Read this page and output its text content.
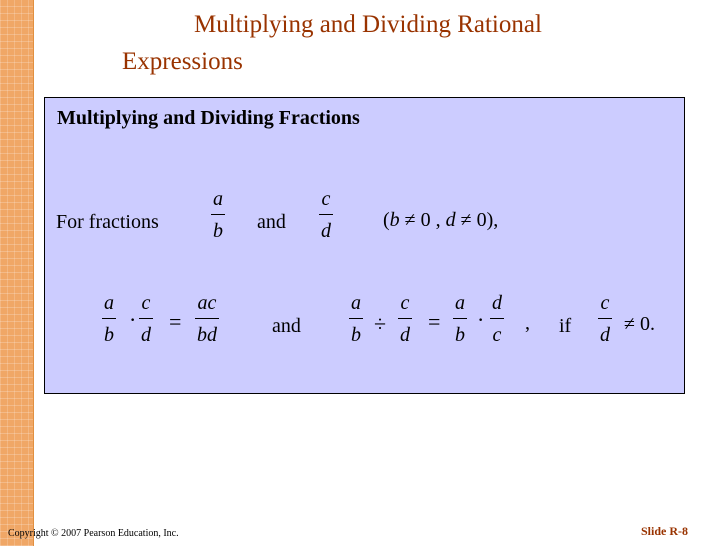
Multiplying and Dividing Rational
Expressions
Multiplying and Dividing Fractions
For fractions
a
b and
c
d
(b ≠ 0 , d ≠ 0),
a
b
·
c
d
=
ac
bd	and
a
b ÷
c
d
=
a
b
·
d
c
, if
c
d
≠ 0.
Copyright © 2007 Pearson Education, Inc.	Slide R-8
